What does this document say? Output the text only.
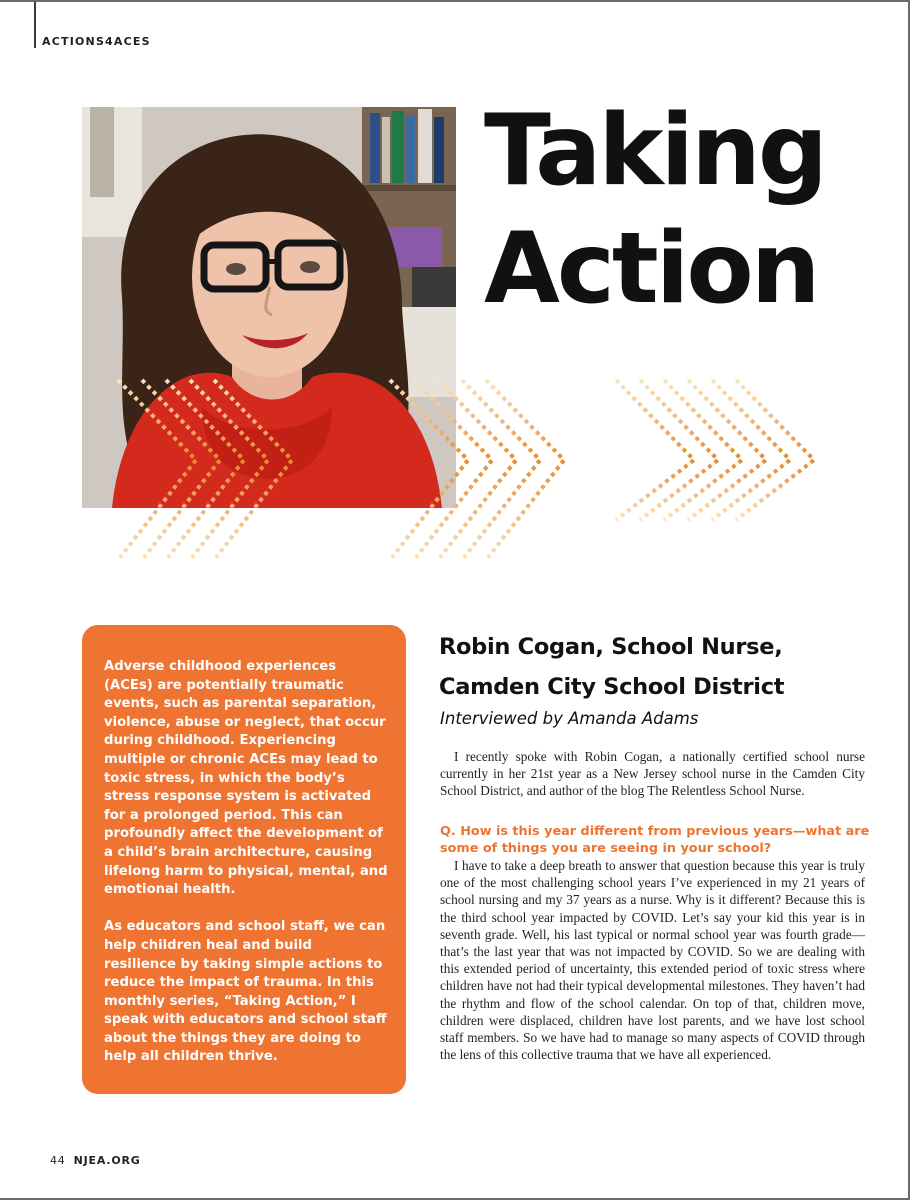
ACTIONS4ACES
Taking
Action

Adverse childhood experiences (ACEs) are potentially traumatic events, such as parental separation, violence, abuse or neglect, that occur during childhood. Experiencing multiple or chronic ACEs may lead to toxic stress, in which the body’s stress response system is activated for a prolonged period. This can profoundly affect the development of a child’s brain architecture, causing lifelong harm to physical, mental, and emotional health.

As educators and school staff, we can help children heal and build resilience by taking simple actions to reduce the impact of trauma. In this monthly series, “Taking Action,” I speak with educators and school staff about the things they are doing to help all children thrive.

Robin Cogan, School Nurse,
Camden City School District
Interviewed by Amanda Adams
I recently spoke with Robin Cogan, a nationally certified school nurse currently in her 21st year as a New Jersey school nurse in the Camden City School District, and author of the blog The Relentless School Nurse.
Q. How is this year different from previous years—what are some of things you are seeing in your school?
I have to take a deep breath to answer that question because this year is truly one of the most challenging school years I’ve experienced in my 21 years of school nursing and my 37 years as a nurse. Why is it different? Because this is the third school year impacted by COVID. Let’s say your kid this year is in seventh grade. Well, his last typical or normal school year was fourth grade—that’s the last year that was not impacted by COVID. So we are dealing with this extended period of uncertainty, this extended period of toxic stress where children have not had their typical developmental milestones. They haven’t had the rhythm and flow of the school calendar. On top of that, children move, children were displaced, children have lost parents, and we have lost school staff members. So we have had to manage so many aspects of COVID through the lens of this collective trauma that we have all experienced.
44 NJEA.ORG
